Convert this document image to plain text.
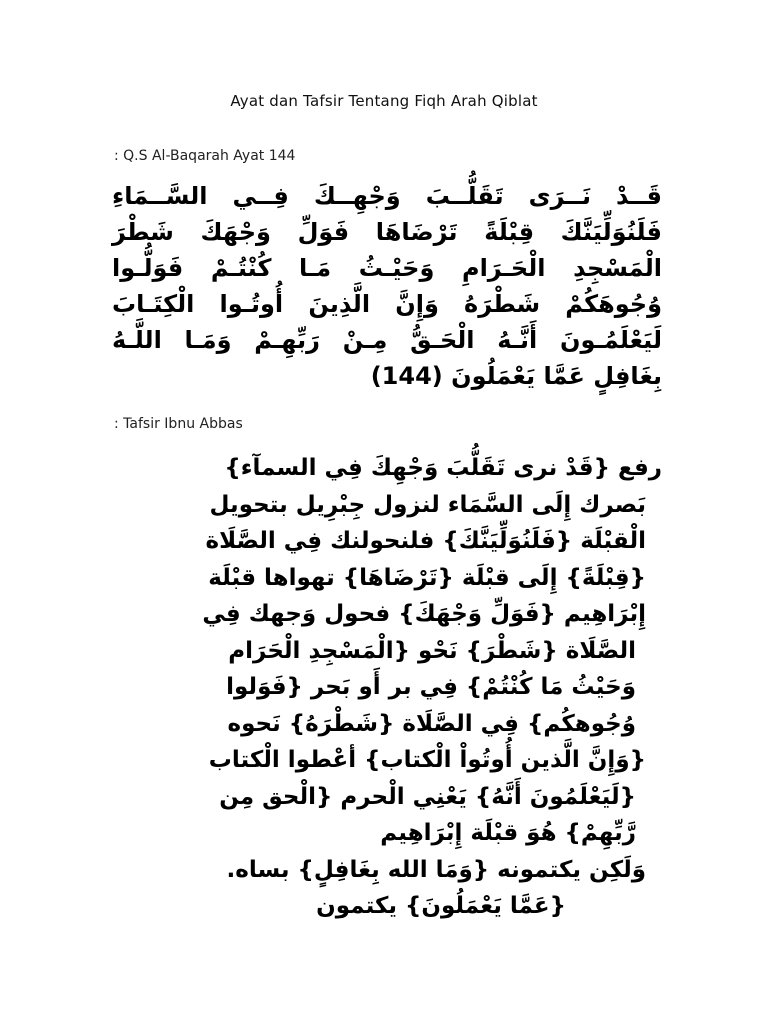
Ayat dan Tafsir Tentang Fiqh Arah Qiblat
: Q.S Al-Baqarah Ayat 144
قَــدْ نَــرَى تَقَلُّــبَ وَجْهِــكَ فِــي السَّــمَاءِ
فَلَنُوَلِّيَنَّكَ قِبْلَةً تَرْضَاهَا فَوَلِّ وَجْهَكَ شَطْرَ
الْمَسْجِدِ الْحَـرَامِ وَحَيْـثُ مَـا كُنْتُـمْ فَوَلُّـوا
وُجُوهَكُمْ شَطْرَهُ وَإِنَّ الَّذِينَ أُوتُـوا الْكِتَـابَ
لَيَعْلَمُـونَ أَنَّـهُ الْحَـقُّ مِـنْ رَبِّهِـمْ وَمَـا اللَّـهُ
بِغَافِلٍ عَمَّا يَعْمَلُونَ (144)
: Tafsir Ibnu Abbas
رفع {قَدْ نرى تَقَلُّبَ وَجْهِكَ فِي السمآء}
بَصرك إِلَى السَّمَاء لنزول جِبْرِيل بتحويل
الْقبْلَة {فَلَنُوَلِّيَنَّكَ} فلنحولنك فِي الصَّلَاة
{قِبْلَةً} إِلَى قبْلَة {تَرْضَاهَا} تهواها قبْلَة
إِبْرَاهِيم {فَوَلِّ وَجْهَكَ} فحول وَجهك فِي
الصَّلَاة {شَطْرَ} نَحْو {الْمَسْجِدِ الْحَرَام
وَحَيْثُ مَا كُنْتُمْ} فِي بر أَو بَحر {فَوَلوا
وُجُوهكُم} فِي الصَّلَاة {شَطْرَهُ} نَحوه
{وَإِنَّ الَّذين أُوتُواْ الْكتاب} أعْطوا الْكتاب
{لَيَعْلَمُونَ أَنَّهُ} يَعْنِي الْحرم {الْحق مِن
رَّبِّهِمْ} هُوَ قبْلَة إِبْرَاهِيم
وَلَكِن يكتمونه {وَمَا الله بِغَافِلٍ} بساه.
{عَمَّا يَعْمَلُونَ} يكتمون
